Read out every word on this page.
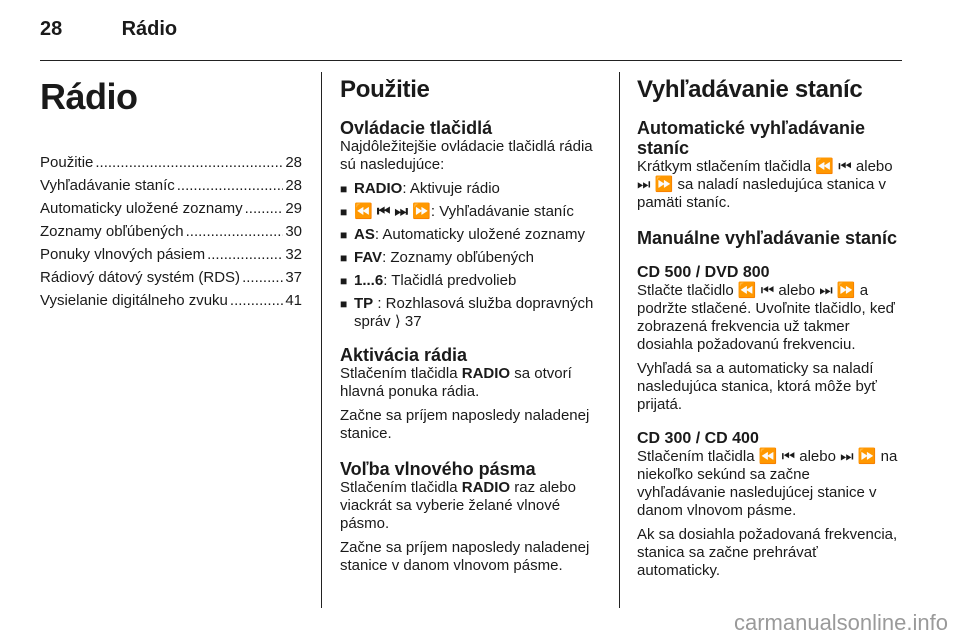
28	Rádio
Rádio
Použitie .....	28
Vyhľadávanie staníc .....	28
Automaticky uložené zoznamy .....	29
Zoznamy obľúbených .....	30
Ponuky vlnových pásiem .....	32
Rádiový dátový systém (RDS) .....	37
Vysielanie digitálneho zvuku .....	41
Použitie
Ovládacie tlačidlá

Najdôležitejšie ovládacie tlačidlá rádia sú nasledujúce:

■ RADIO: Aktivuje rádio
■ ⏪ ⏮ ⏭ ⏩: Vyhľadávanie staníc
■ AS: Automaticky uložené zoznamy
■ FAV: Zoznamy obľúbených
■ 1...6: Tlačidlá predvolieb
■ TP : Rozhlasová služba dopravných správ ⟩ 37
Aktivácia rádia

Stlačením tlačidla RADIO sa otvorí hlavná ponuka rádia.

Začne sa príjem naposledy naladenej stanice.

Voľba vlnového pásma

Stlačením tlačidla RADIO raz alebo viackrát sa vyberie želané vlnové pásmo.

Začne sa príjem naposledy naladenej stanice v danom vlnovom pásme.

Vyhľadávanie staníc
Automatické vyhľadávanie staníc

Krátkym stlačením tlačidla ⏪ ⏮ alebo ⏭ ⏩ sa naladí nasledujúca stanica v pamäti staníc.

Manuálne vyhľadávanie staníc
CD 500 / DVD 800

Stlačte tlačidlo ⏪ ⏮ alebo ⏭ ⏩ a podržte stlačené. Uvoľnite tlačidlo, keď zobrazená frekvencia už takmer dosiahla požadovanú frekvenciu.

Vyhľadá sa a automaticky sa naladí nasledujúca stanica, ktorá môže byť prijatá.

CD 300 / CD 400

Stlačením tlačidla ⏪ ⏮ alebo ⏭ ⏩ na niekoľko sekúnd sa začne vyhľadávanie nasledujúcej stanice v danom vlnovom pásme.

Ak sa dosiahla požadovaná frekvencia, stanica sa začne prehrávať automaticky.

carmanualsonline.info
